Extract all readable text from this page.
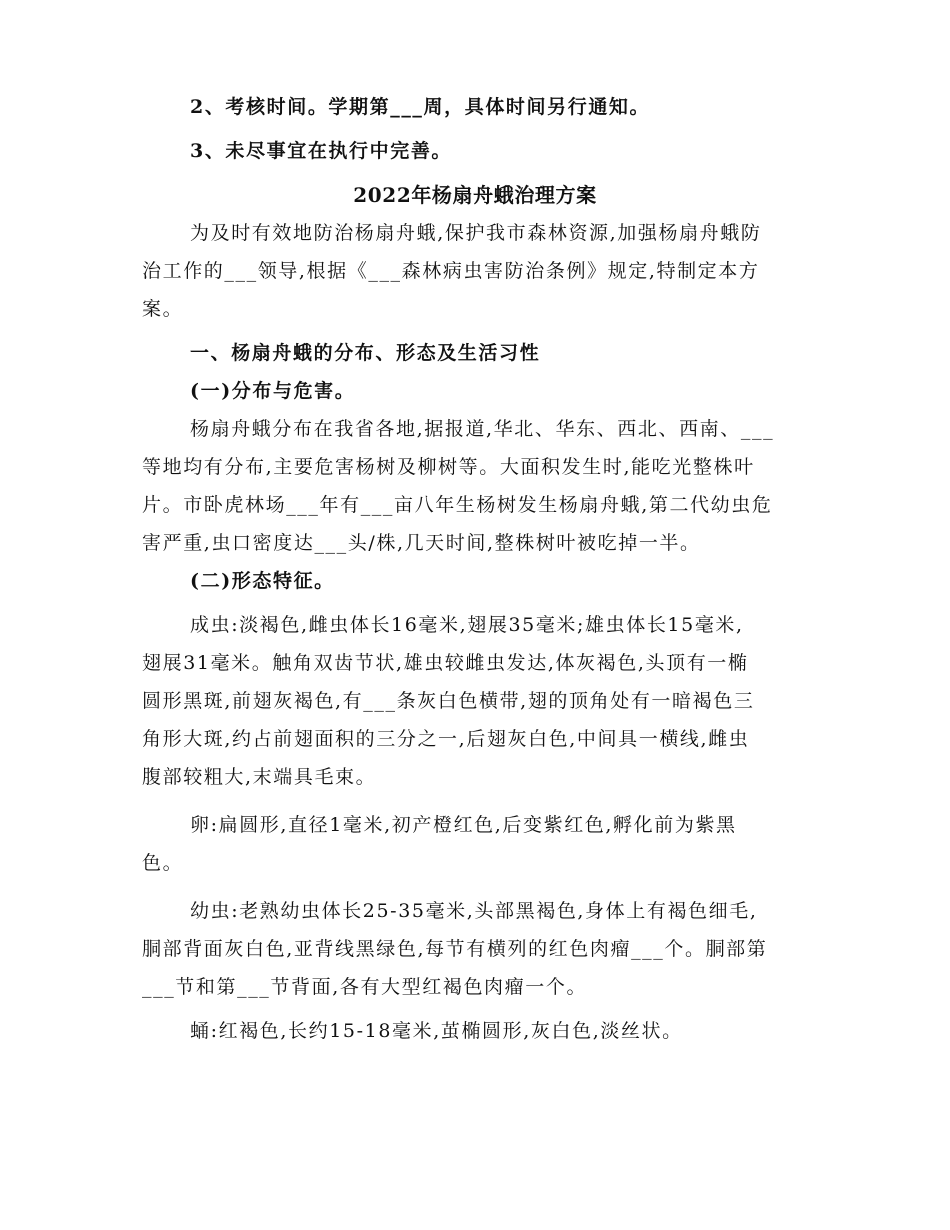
2、考核时间。学期第___周，具体时间另行通知。
3、未尽事宜在执行中完善。
2022年杨扇舟蛾治理方案
为及时有效地防治杨扇舟蛾,保护我市森林资源,加强杨扇舟蛾防
治工作的___领导,根据《___森林病虫害防治条例》规定,特制定本方
案。
一、杨扇舟蛾的分布、形态及生活习性
(一)分布与危害。
杨扇舟蛾分布在我省各地,据报道,华北、华东、西北、西南、___
等地均有分布,主要危害杨树及柳树等。大面积发生时,能吃光整株叶
片。市卧虎林场___年有___亩八年生杨树发生杨扇舟蛾,第二代幼虫危
害严重,虫口密度达___头/株,几天时间,整株树叶被吃掉一半。
(二)形态特征。
成虫:淡褐色,雌虫体长16毫米,翅展35毫米;雄虫体长15毫米,
翅展31毫米。触角双齿节状,雄虫较雌虫发达,体灰褐色,头顶有一椭
圆形黑斑,前翅灰褐色,有___条灰白色横带,翅的顶角处有一暗褐色三
角形大斑,约占前翅面积的三分之一,后翅灰白色,中间具一横线,雌虫
腹部较粗大,末端具毛束。
卵:扁圆形,直径1毫米,初产橙红色,后变紫红色,孵化前为紫黑
色。
幼虫:老熟幼虫体长25-35毫米,头部黑褐色,身体上有褐色细毛,
胴部背面灰白色,亚背线黑绿色,每节有横列的红色肉瘤___个。胴部第
___节和第___节背面,各有大型红褐色肉瘤一个。
蛹:红褐色,长约15-18毫米,茧椭圆形,灰白色,淡丝状。
